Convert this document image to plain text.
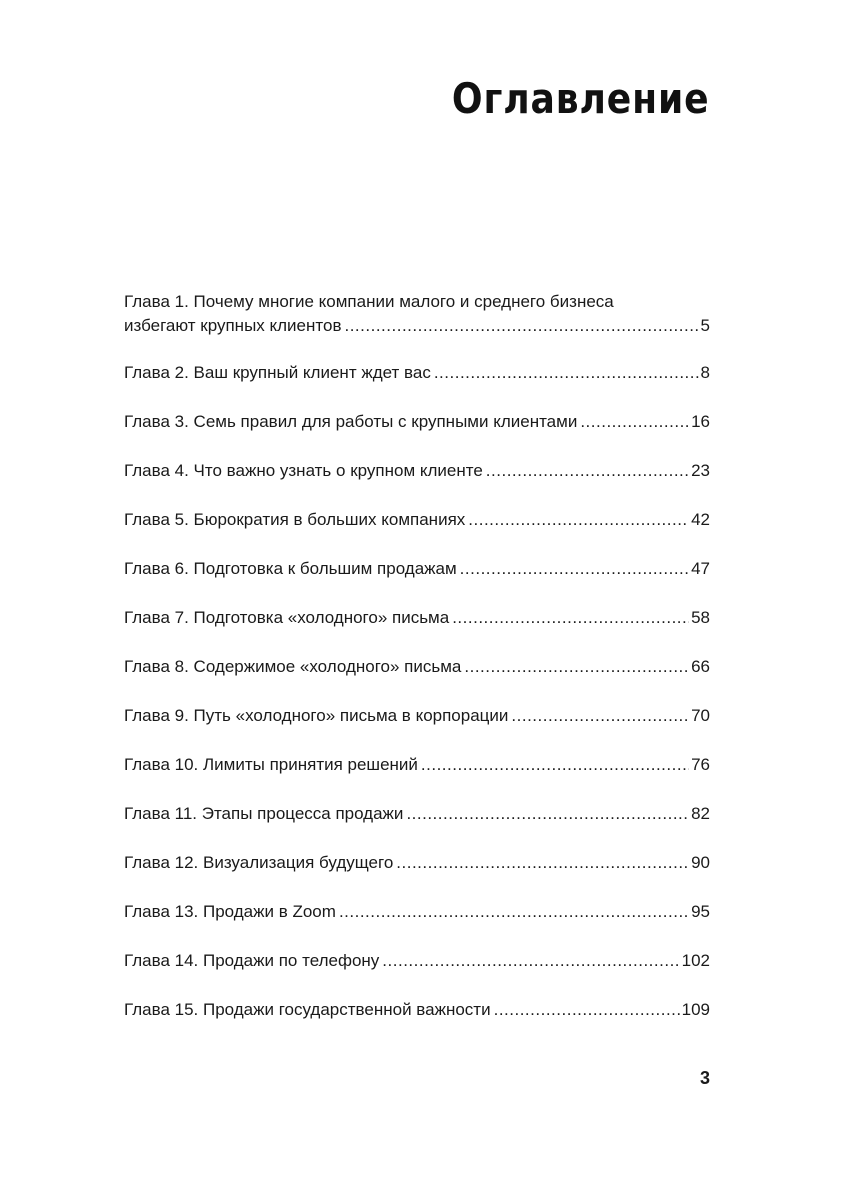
Оглавление
Глава 1. Почему многие компании малого и среднего бизнеса
избегают крупных клиентов .....	5
Глава 2. Ваш крупный клиент ждет вас .....	8
Глава 3. Семь правил для работы с крупными клиентами .....	16
Глава 4. Что важно узнать о крупном клиенте .....	23
Глава 5. Бюрократия в больших компаниях .....	42
Глава 6. Подготовка к большим продажам .....	47
Глава 7. Подготовка «холодного» письма .....	58
Глава 8. Содержимое «холодного» письма .....	66
Глава 9. Путь «холодного» письма в корпорации .....	70
Глава 10. Лимиты принятия решений .....	76
Глава 11. Этапы процесса продажи .....	82
Глава 12. Визуализация будущего .....	90
Глава 13. Продажи в Zoom .....	95
Глава 14. Продажи по телефону .....	102
Глава 15. Продажи государственной важности .....	109

3
